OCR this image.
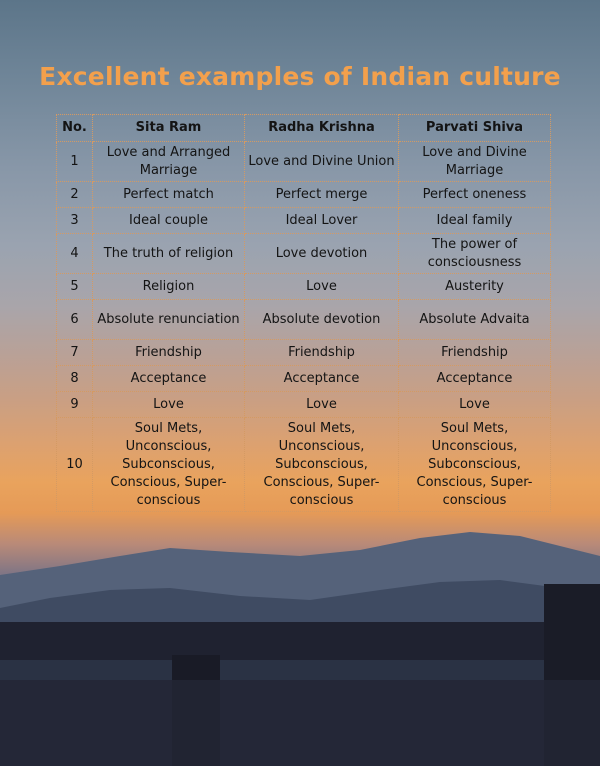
Excellent examples of Indian culture
No.	Sita Ram	Radha Krishna	Parvati Shiva
1	Love and Arranged Marriage	Love and Divine Union	Love and Divine Marriage
2	Perfect match	Perfect merge	Perfect oneness
3	Ideal couple	Ideal Lover	Ideal family
4	The truth of religion	Love devotion	The power of consciousness
5	Religion	Love	Austerity
6	Absolute renunciation	Absolute devotion	Absolute Advaita
7	Friendship	Friendship	Friendship
8	Acceptance	Acceptance	Acceptance
9	Love	Love	Love
10	Soul Mets, Unconscious, Subconscious, Conscious, Super-conscious	Soul Mets, Unconscious, Subconscious, Conscious, Super-conscious	Soul Mets, Unconscious, Subconscious, Conscious, Super-conscious
